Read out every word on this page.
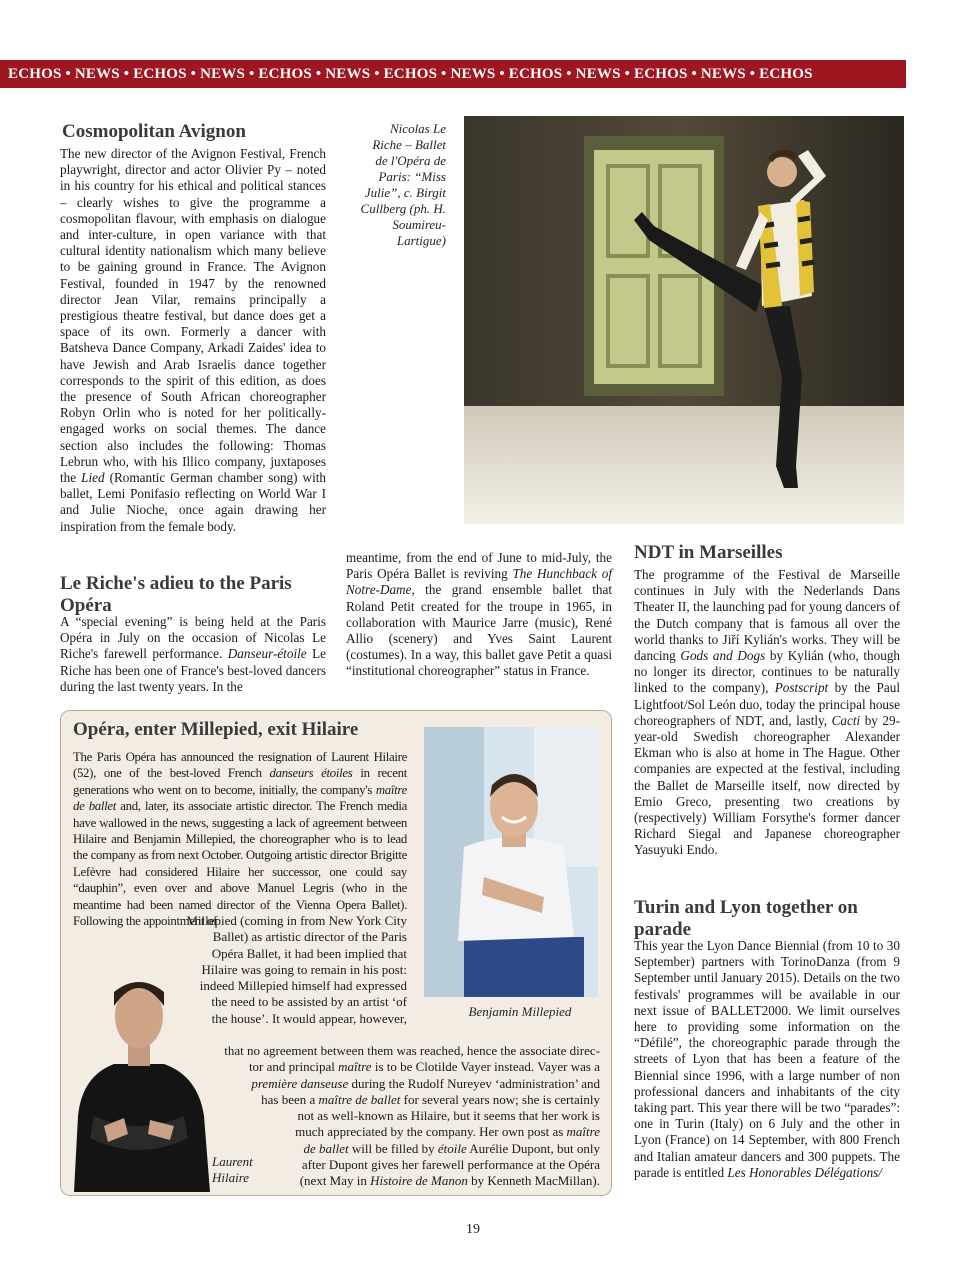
ECHOS • NEWS • ECHOS • NEWS • ECHOS • NEWS • ECHOS • NEWS • ECHOS • NEWS • ECHOS • NEWS • ECHOS
Cosmopolitan Avignon

The new director of the Avignon Festival, French playwright, director and actor Olivier Py – noted in his country for his ethical and political stances – clearly wishes to give the programme a cosmopolitan flavour, with emphasis on dialogue and inter-culture, in open variance with that cultural identity nationalism which many believe to be gaining ground in France. The Avignon Festival, founded in 1947 by the renowned director Jean Vilar, remains principally a prestigious theatre festival, but dance does get a space of its own. Formerly a dancer with Batsheva Dance Company, Arkadi Zaides' idea to have Jewish and Arab Israelis dance together corresponds to the spirit of this edition, as does the presence of South African choreographer Robyn Orlin who is noted for her politically-engaged works on social themes. The dance section also includes the following: Thomas Lebrun who, with his Illico company, juxtaposes the Lied (Romantic German chamber song) with ballet, Lemi Ponifasio reflecting on World War I and Julie Nioche, once again drawing her inspiration from the female body.

Nicolas Le Riche – Ballet de l'Opéra de Paris: “Miss Julie”, c. Birgit Cullberg (ph. H. Soumireu-Lartigue)
Le Riche's adieu to the Paris Opéra

A “special evening” is being held at the Paris Opéra in July on the occasion of Nicolas Le Riche's farewell performance. Danseur-étoile Le Riche has been one of France's best-loved dancers during the last twenty years. In the

meantime, from the end of June to mid-July, the Paris Opéra Ballet is reviving The Hunchback of Notre-Dame, the grand ensemble ballet that Roland Petit created for the troupe in 1965, in collaboration with Maurice Jarre (music), René Allio (scenery) and Yves Saint Laurent (costumes). In a way, this ballet gave Petit a quasi “institutional choreographer” status in France.

NDT in Marseilles

The programme of the Festival de Marseille continues in July with the Nederlands Dans Theater II, the launching pad for young dancers of the Dutch company that is famous all over the world thanks to Jiří Kylián's works. They will be dancing Gods and Dogs by Kylián (who, though no longer its director, continues to be naturally linked to the company), Postscript by the Paul Lightfoot/Sol León duo, today the principal house choreographers of NDT, and, lastly, Cacti by 29-year-old Swedish choreographer Alexander Ekman who is also at home in The Hague. Other companies are expected at the festival, including the Ballet de Marseille itself, now directed by Emio Greco, presenting two creations by (respectively) William Forsythe's former dancer Richard Siegal and Japanese choreographer Yasuyuki Endo.

Turin and Lyon together on parade

This year the Lyon Dance Biennial (from 10 to 30 September) partners with TorinoDanza (from 9 September until January 2015). Details on the two festivals' programmes will be available in our next issue of BALLET2000. We limit ourselves here to providing some information on the “Défilé”, the choreographic parade through the streets of Lyon that has been a feature of the Biennial since 1996, with a large number of non professional dancers and inhabitants of the city taking part. This year there will be two “parades”: one in Turin (Italy) on 6 July and the other in Lyon (France) on 14 September, with 800 French and Italian amateur dancers and 300 puppets. The parade is entitled Les Honorables Délégations/

Opéra, enter Millepied, exit Hilaire

The Paris Opéra has announced the resignation of Laurent Hilaire (52), one of the best-loved French danseurs étoiles in recent generations who went on to become, initially, the company's maître de ballet and, later, its associate artistic director. The French media have wallowed in the news, suggesting a lack of agreement between Hilaire and Benjamin Millepied, the choreographer who is to lead the company as from next October. Outgoing artistic director Brigitte Lefèvre had considered Hilaire her successor, one could say “dauphin”, even over and above Manuel Legris (who in the meantime had been named director of the Vienna Opera Ballet). Following the appointment of

Millepied (coming in from New York City
Ballet) as artistic director of the Paris
Opéra Ballet, it had been implied that
Hilaire was going to remain in his post:
indeed Millepied himself had expressed
the need to be assisted by an artist ‘of
the house’. It would appear, however,
that no agreement between them was reached, hence the associate direc-
tor and principal maître is to be Clotilde Vayer instead. Vayer was a
première danseuse during the Rudolf Nureyev ‘administration’ and
has been a maître de ballet for several years now; she is certainly
not as well-known as Hilaire, but it seems that her work is
much appreciated by the company. Her own post as maître
de ballet will be filled by étoile Aurélie Dupont, but only
after Dupont gives her farewell performance at the Opéra
(next May in Histoire de Manon by Kenneth MacMillan).
Benjamin Millepied
Laurent
Hilaire
19
